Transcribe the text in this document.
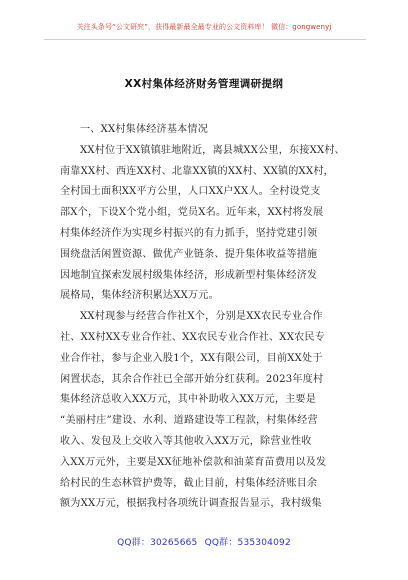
关注头条号“公文研究”，获得最新最全最专业的公文资料库！ 微信：gongwenyj
XX村集体经济财务管理调研提纲
一、XX村集体经济基本情况
XX村位于XX镇镇驻地附近，离县城XX公里，东接XX村、
南靠XX村、西连XX村、北靠XX镇的XX村、XX镇的XX村，
全村国土面积XX平方公里，人口XX户XX人。全村设党支
部X个，下设X个党小组，党员X名。近年来，XX村将发展
村集体经济作为实现乡村振兴的有力抓手，坚持党建引领
围绕盘活闲置资源、做优产业链条、提升集体收益等措施
因地制宜探索发展村级集体经济，形成新型村集体经济发
展格局，集体经济积累达XX万元。
XX村现参与经营合作社X个，分别是XX农民专业合作
社、XX村XX专业合作社、XX农民专业合作社、XX农民专
业合作社，参与企业入股1个，XX有限公司，目前XX处于
闲置状态，其余合作社已全部开始分红获利。2023年度村
集体经济总收入XX万元，其中补助收入XX万元，主要是
“美丽村庄”建设、水利、道路建设等工程款，村集体经营
收入、发包及上交收入等其他收入XX万元，除营业性收
入XX万元外，主要是XX征地补偿款和油菜育苗费用以及发
给村民的生态林管护费等，截止目前，村集体经济账目余
额为XX万元，根据我村各项统计调查报告显示，我村级集
QQ群：30265665 QQ群：535304092
